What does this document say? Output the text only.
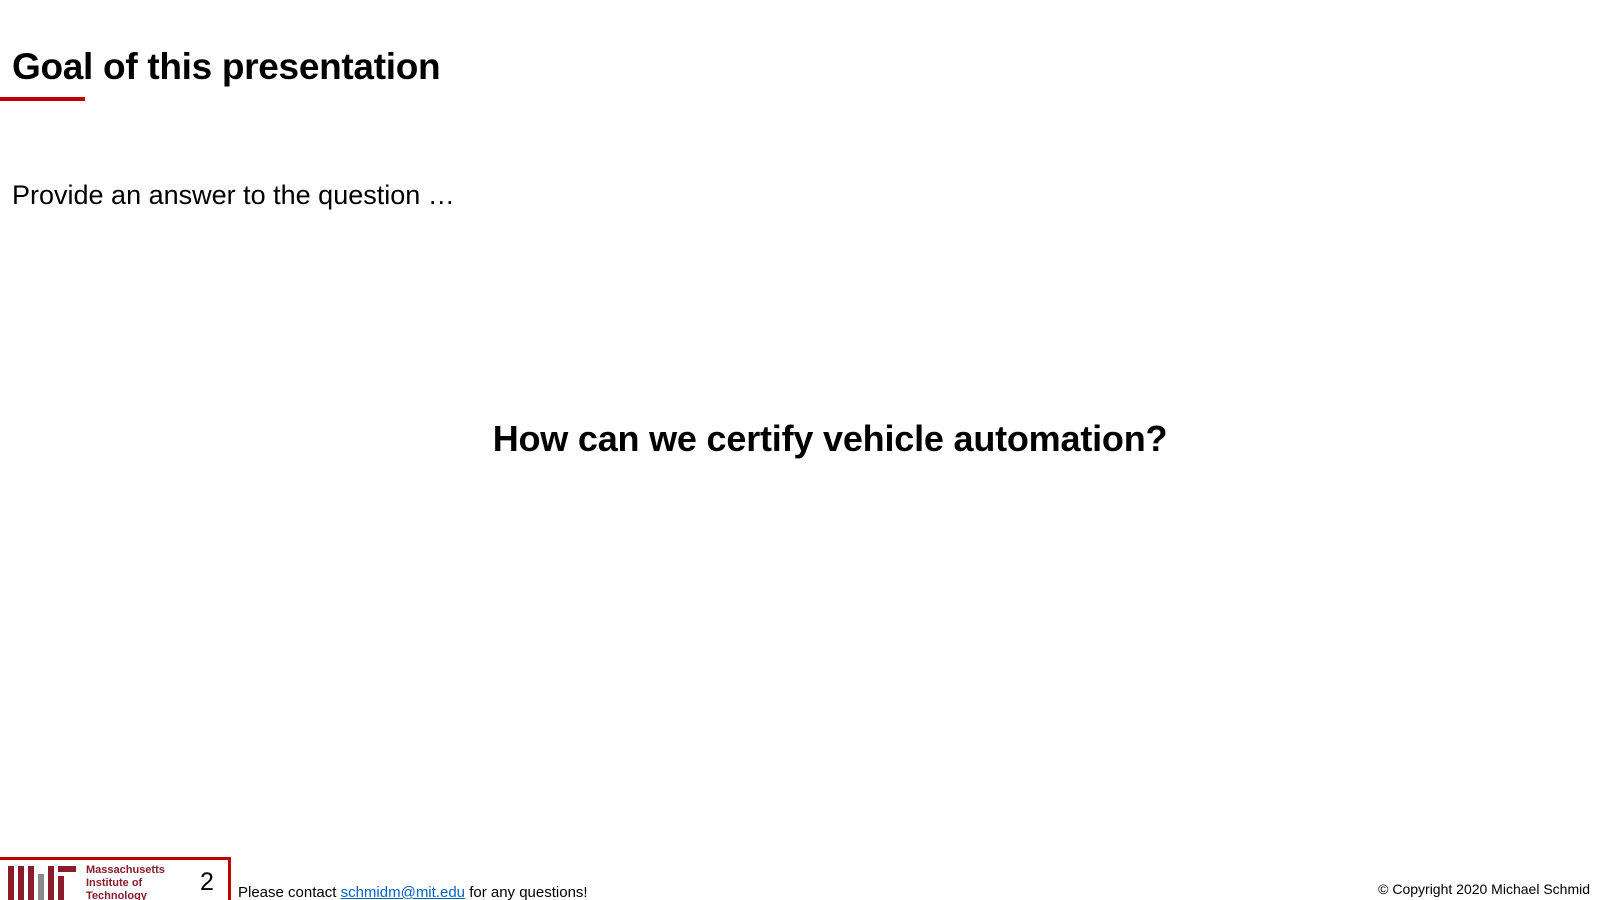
Goal of this presentation
Provide an answer to the question …
How can we certify vehicle automation?
Massachusetts
Institute of
Technology	2 Please contact schmidm@mit.edu for any questions!	© Copyright 2020 Michael Schmid
